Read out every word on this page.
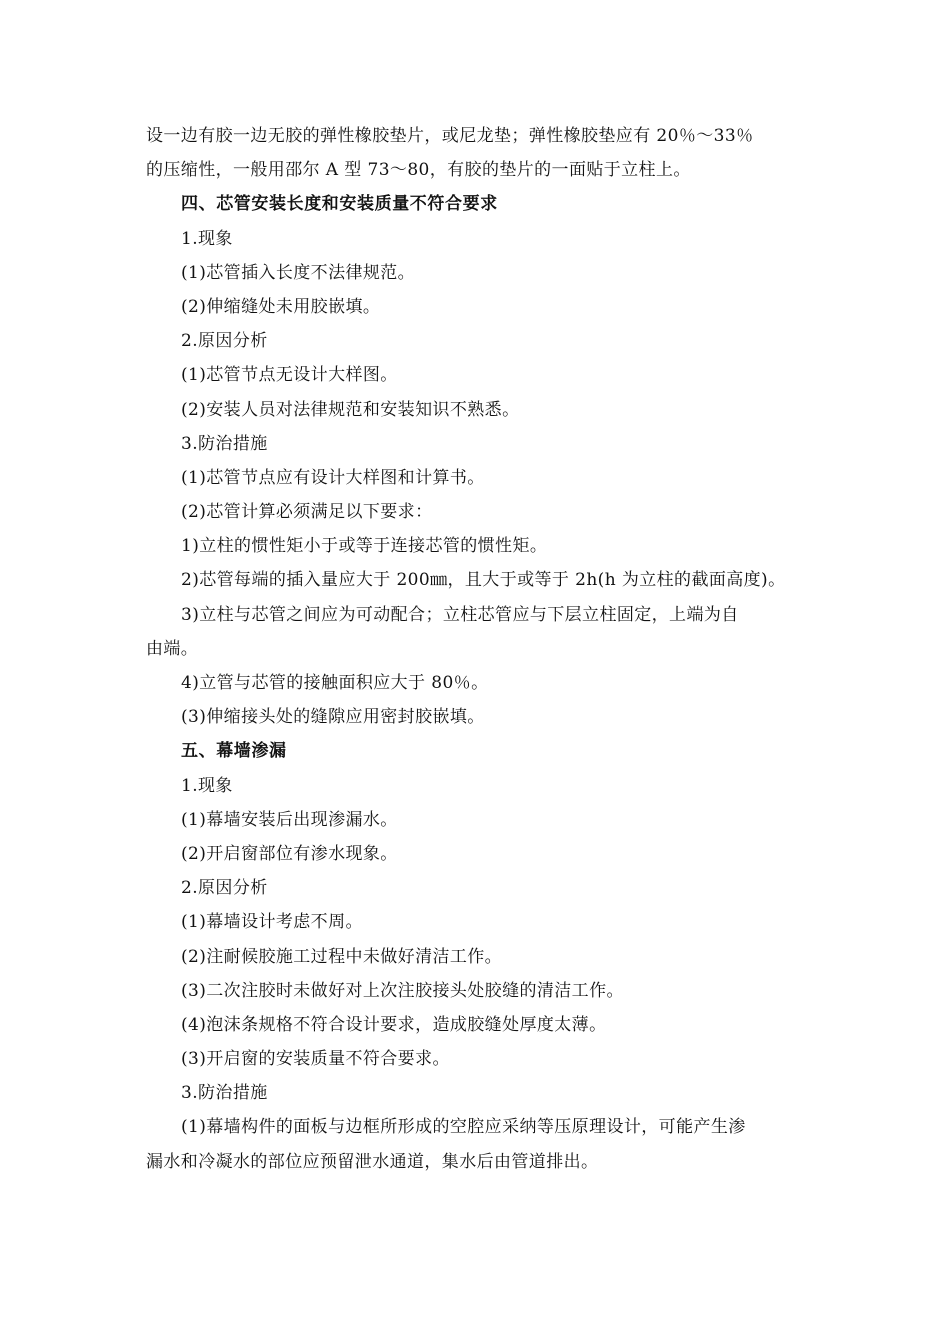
设一边有胶一边无胶的弹性橡胶垫片，或尼龙垫；弹性橡胶垫应有 20％～33％
的压缩性，一般用邵尔 A 型 73～80，有胶的垫片的一面贴于立柱上。
四、芯管安装长度和安装质量不符合要求
1.现象
(1)芯管插入长度不法律规范。
(2)伸缩缝处未用胶嵌填。
2.原因分析
(1)芯管节点无设计大样图。
(2)安装人员对法律规范和安装知识不熟悉。
3.防治措施
(1)芯管节点应有设计大样图和计算书。
(2)芯管计算必须满足以下要求：
1)立柱的惯性矩小于或等于连接芯管的惯性矩。
2)芯管每端的插入量应大于 200㎜，且大于或等于 2h(h 为立柱的截面高度)。
3)立柱与芯管之间应为可动配合；立柱芯管应与下层立柱固定，上端为自
由端。
4)立管与芯管的接触面积应大于 80％。
(3)伸缩接头处的缝隙应用密封胶嵌填。
五、幕墙渗漏
1.现象
(1)幕墙安装后出现渗漏水。
(2)开启窗部位有渗水现象。
2.原因分析
(1)幕墙设计考虑不周。
(2)注耐候胶施工过程中未做好清洁工作。
(3)二次注胶时未做好对上次注胶接头处胶缝的清洁工作。
(4)泡沫条规格不符合设计要求，造成胶缝处厚度太薄。
(3)开启窗的安装质量不符合要求。
3.防治措施
(1)幕墙构件的面板与边框所形成的空腔应采纳等压原理设计，可能产生渗
漏水和冷凝水的部位应预留泄水通道，集水后由管道排出。
